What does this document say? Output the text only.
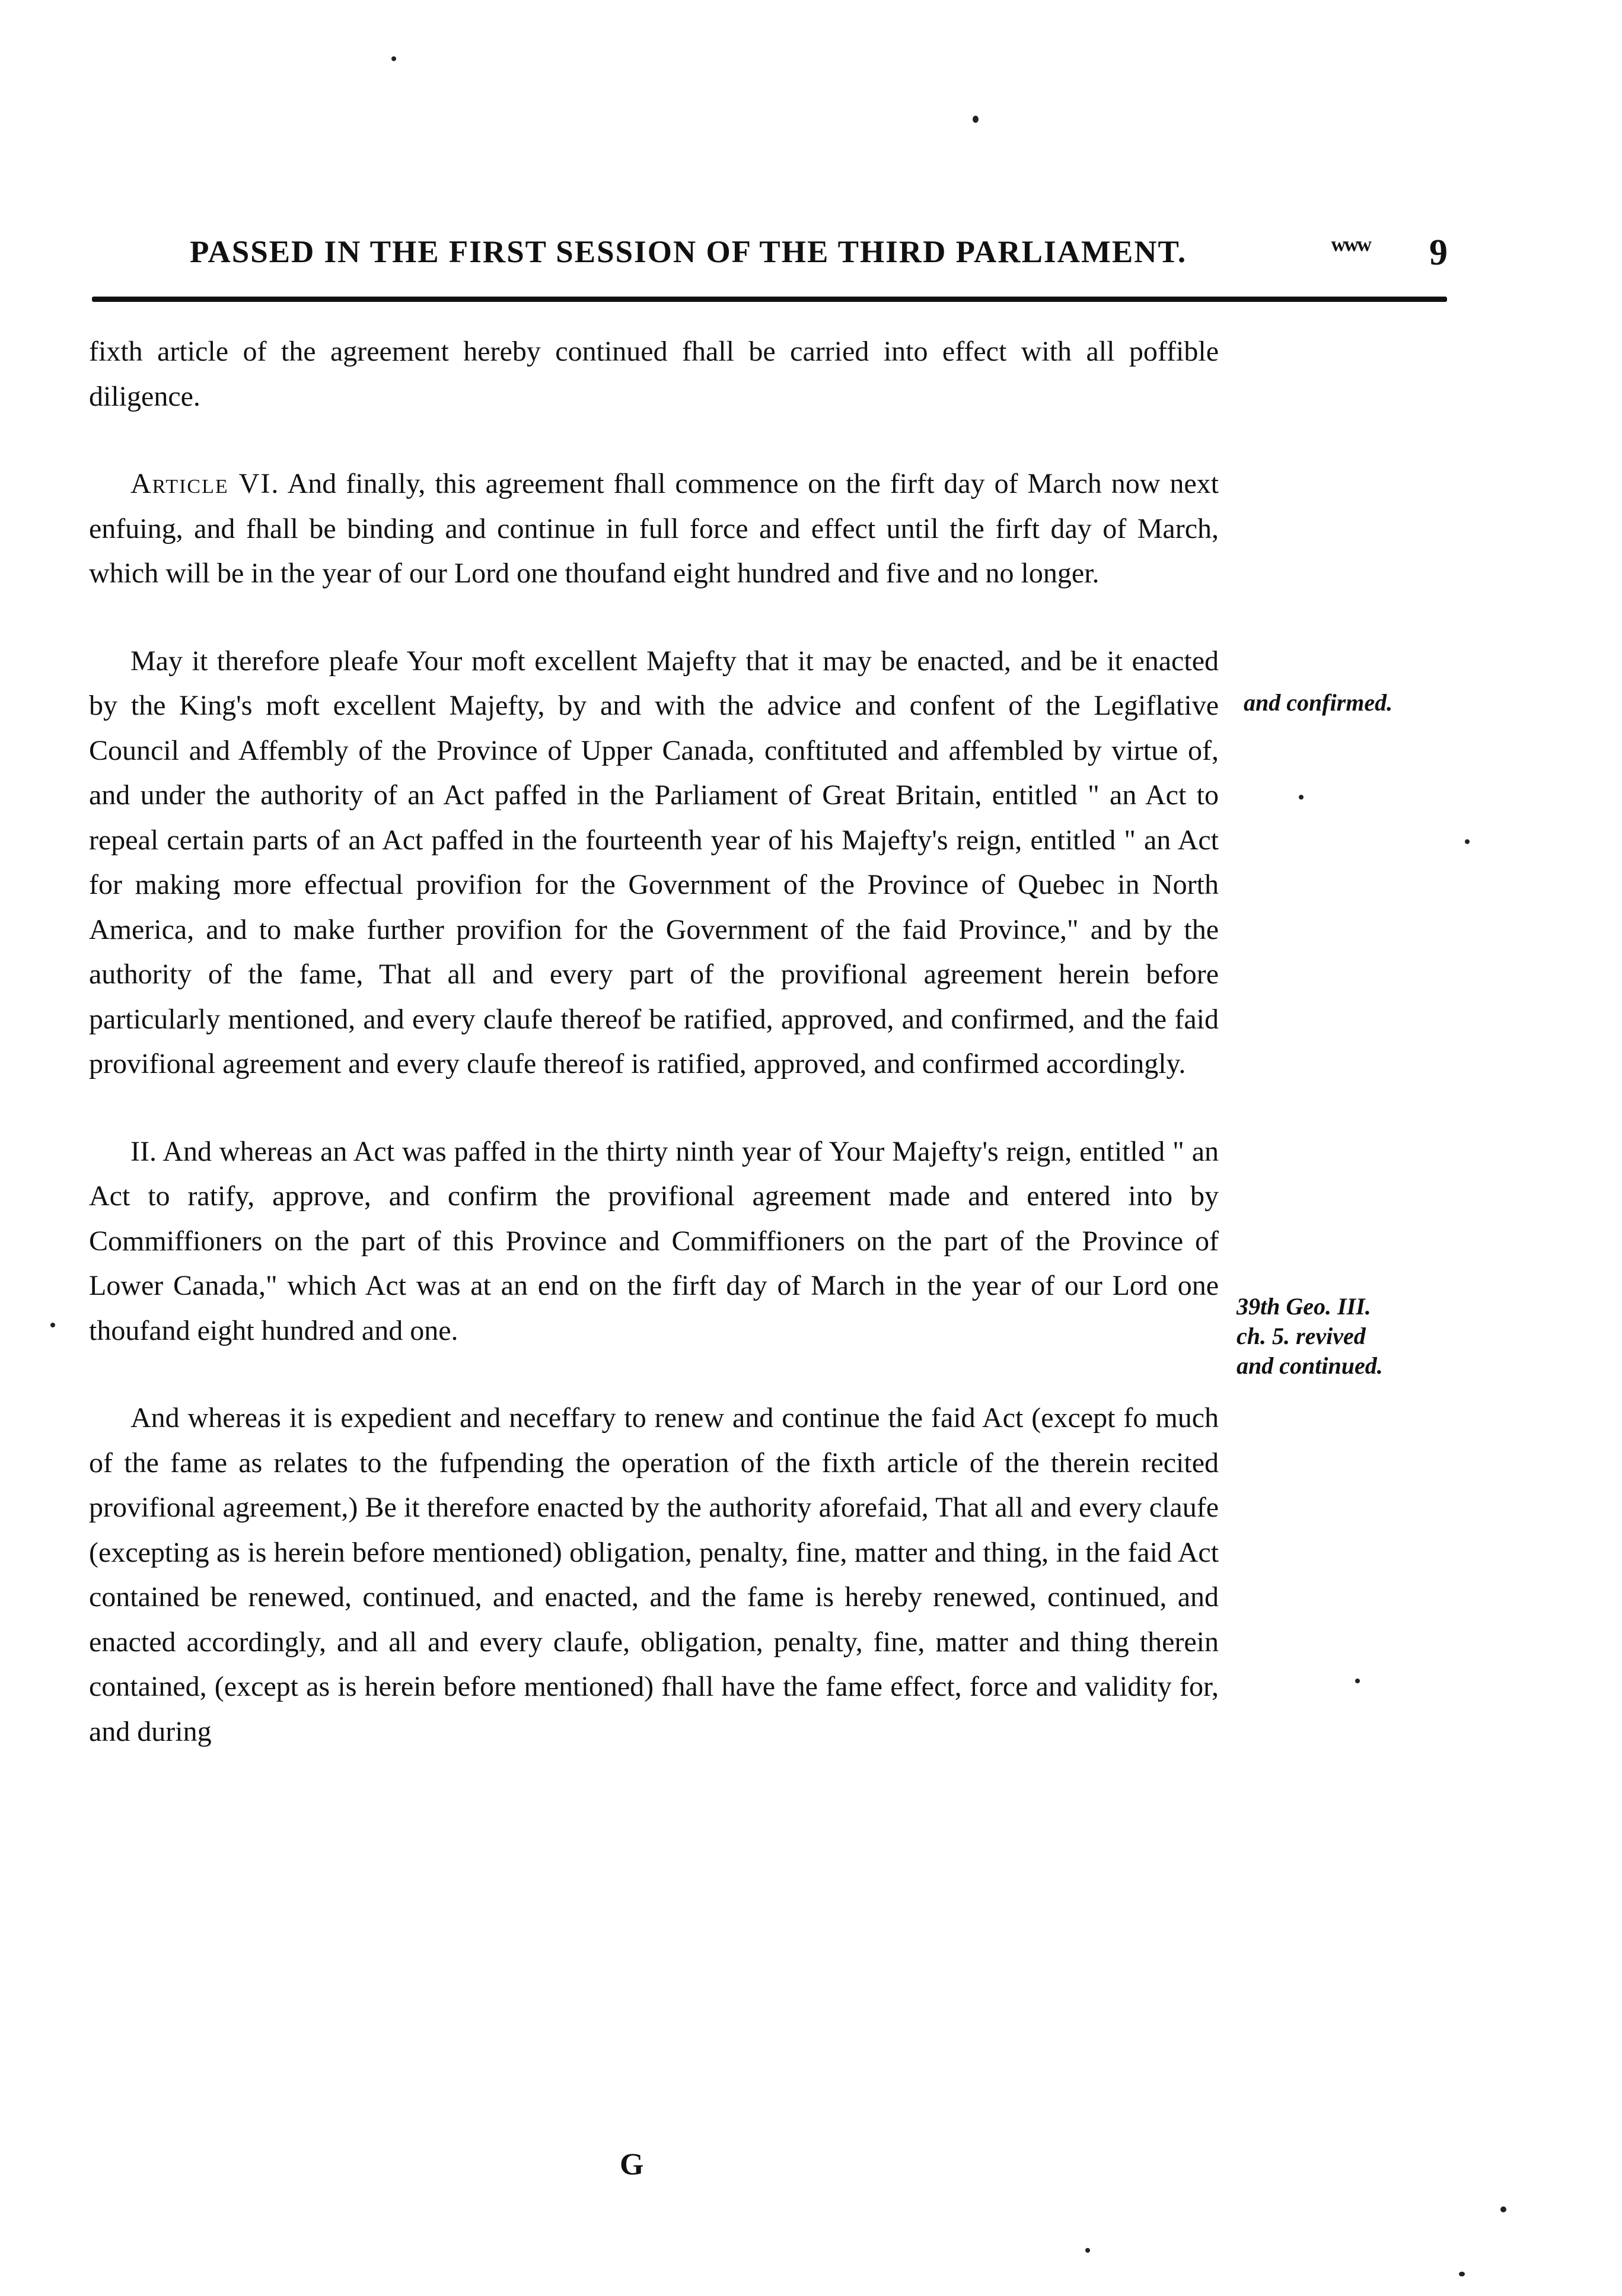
PASSED IN THE FIRST SESSION OF THE THIRD PARLIAMENT.	ᵂᵂᵂ 9

fixth article of the agreement hereby continued fhall be carried into effect with all poffible diligence.

Article VI. And finally, this agreement fhall commence on the firft day of March now next enfuing, and fhall be binding and continue in full force and effect until the firft day of March, which will be in the year of our Lord one thoufand eight hundred and five and no longer.

May it therefore pleafe Your moft excellent Majefty that it may be enacted, and be it enacted by the King's moft excellent Majefty, by and with the advice and confent of the Legiflative Council and Affembly of the Province of Upper Canada, conftituted and affembled by virtue of, and under the authority of an Act paffed in the Parliament of Great Britain, entitled " an Act to repeal certain parts of an Act paffed in the fourteenth year of his Majefty's reign, entitled " an Act for making more effectual provifion for the Government of the Province of Quebec in North America, and to make further provifion for the Government of the faid Province," and by the authority of the fame, That all and every part of the provifional agreement herein before particularly mentioned, and every claufe thereof be ratified, approved, and confirmed, and the faid provifional agreement and every claufe thereof is ratified, approved, and confirmed accordingly.

II. And whereas an Act was paffed in the thirty ninth year of Your Majefty's reign, entitled " an Act to ratify, approve, and confirm the provifional agreement made and entered into by Commiffioners on the part of this Province and Commiffioners on the part of the Province of Lower Canada," which Act was at an end on the firft day of March in the year of our Lord one thoufand eight hundred and one.

And whereas it is expedient and neceffary to renew and continue the faid Act (except fo much of the fame as relates to the fufpending the operation of the fixth article of the therein recited provifional agreement,) Be it therefore enacted by the authority aforefaid, That all and every claufe (excepting as is herein before mentioned) obligation, penalty, fine, matter and thing, in the faid Act contained be renewed, continued, and enacted, and the fame is hereby renewed, continued, and enacted accordingly, and all and every claufe, obligation, penalty, fine, matter and thing therein contained, (except as is herein before mentioned) fhall have the fame effect, force and validity for, and during

and confirmed.
39th Geo. III.
ch. 5. revived
and continued.
G
